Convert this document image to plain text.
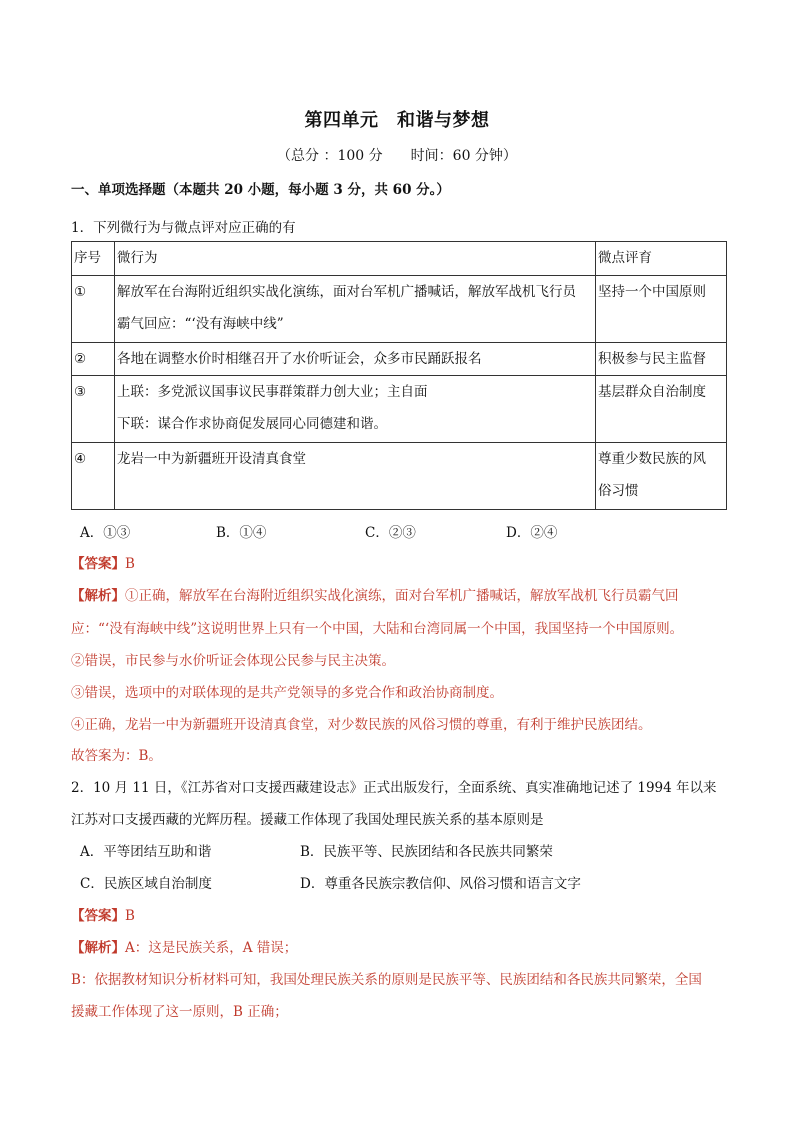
第四单元　和谐与梦想
（总分 ：100 分　　时间：60 分钟）
一、单项选择题（本题共 20 小题，每小题 3 分，共 60 分。）
1．下列微行为与微点评对应正确的有
序号	微行为	微点评育
①	解放军在台海附近组织实战化演练，面对台军机广播喊话，解放军战机飞行员
霸气回应：“‘没有海峡中线”	坚持一个中国原则

②	各地在调整水价时相继召开了水价听证会，众多市民踊跃报名	积极参与民主监督

③	上联：多党派议国事议民事群策群力创大业；主自面
下联：谋合作求协商促发展同心同德建和谐。	基层群众自治制度

④	龙岩一中为新疆班开设清真食堂	尊重少数民族的风
俗习惯
A．①③	B．①④	C．②③	D．②④
【答案】B
【解析】①正确，解放军在台海附近组织实战化演练，面对台军机广播喊话，解放军战机飞行员霸气回
应：“‘没有海峡中线”这说明世界上只有一个中国，大陆和台湾同属一个中国，我国坚持一个中国原则。
②错误，市民参与水价听证会体现公民参与民主决策。
③错误，选项中的对联体现的是共产党领导的多党合作和政治协商制度。
④正确，龙岩一中为新疆班开设清真食堂，对少数民族的风俗习惯的尊重，有利于维护民族团结。
故答案为：B。
2．10 月 11 日，《江苏省对口支援西藏建设志》正式出版发行，全面系统、真实准确地记述了 1994 年以来
江苏对口支援西藏的光辉历程。援藏工作体现了我国处理民族关系的基本原则是
A．平等团结互助和谐	B．民族平等、民族团结和各民族共同繁荣
C．民族区域自治制度	D．尊重各民族宗教信仰、风俗习惯和语言文字
【答案】B
【解析】A：这是民族关系，A 错误；
B：依据教材知识分析材料可知，我国处理民族关系的原则是民族平等、民族团结和各民族共同繁荣，全国
援藏工作体现了这一原则，B 正确；
